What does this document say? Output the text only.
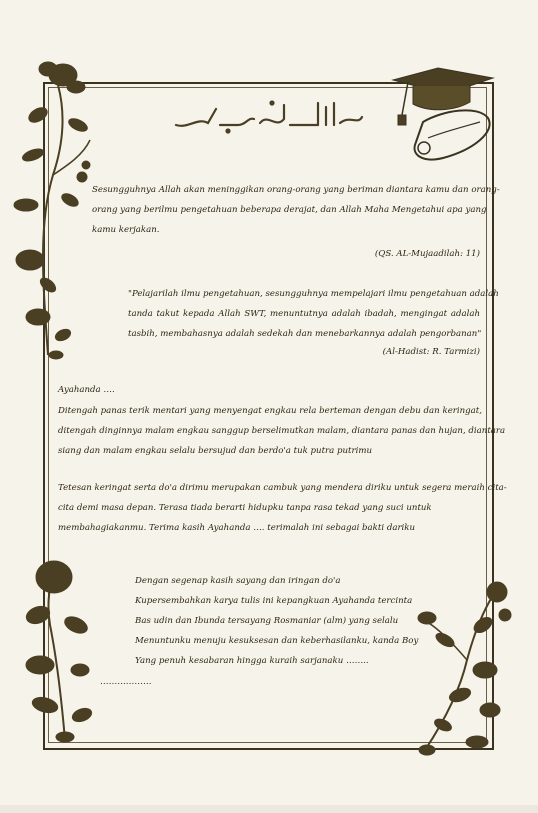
Sesungguhnya Allah akan meninggikan orang-orang yang beriman diantara kamu dan orang-
orang yang berilmu pengetahuan beberapa derajat, dan Allah Maha Mengetahui apa yang
kamu kerjakan.
(QS. AL-Mujaadilah: 11)
"Pelajarilah ilmu pengetahuan, sesungguhnya mempelajari ilmu pengetahuan adalah
tanda takut kepada Allah SWT, menuntutnya adalah ibadah, mengingat adalah
tasbih, membahasnya adalah sedekah dan menebarkannya adalah pengorbanan"
(Al-Hadist: R. Tarmizi)
Ayahanda ….
Ditengah panas terik mentari yang menyengat engkau rela berteman dengan debu dan keringat,
ditengah dinginnya malam engkau sanggup berselimutkan malam, diantara panas dan hujan, diantara
siang dan malam engkau selalu bersujud dan berdo'a tuk putra putrimu
Tetesan keringat serta do'a dirimu merupakan cambuk yang mendera diriku untuk segera meraih cita-
cita demi masa depan. Terasa tiada berarti hidupku tanpa rasa tekad yang suci untuk
membahagiakanmu. Terima kasih Ayahanda …. terimalah ini sebagai bakti dariku
Dengan segenap kasih sayang dan iringan do'a
Kupersembahkan karya tulis ini kepangkuan Ayahanda tercinta
Bas udin dan Ibunda tersayang Rosmaniar (alm) yang selalu
Menuntunku menuju kesuksesan dan keberhasilanku, kanda Boy
Yang penuh kesabaran hingga kuraih sarjanaku ……..
………………
